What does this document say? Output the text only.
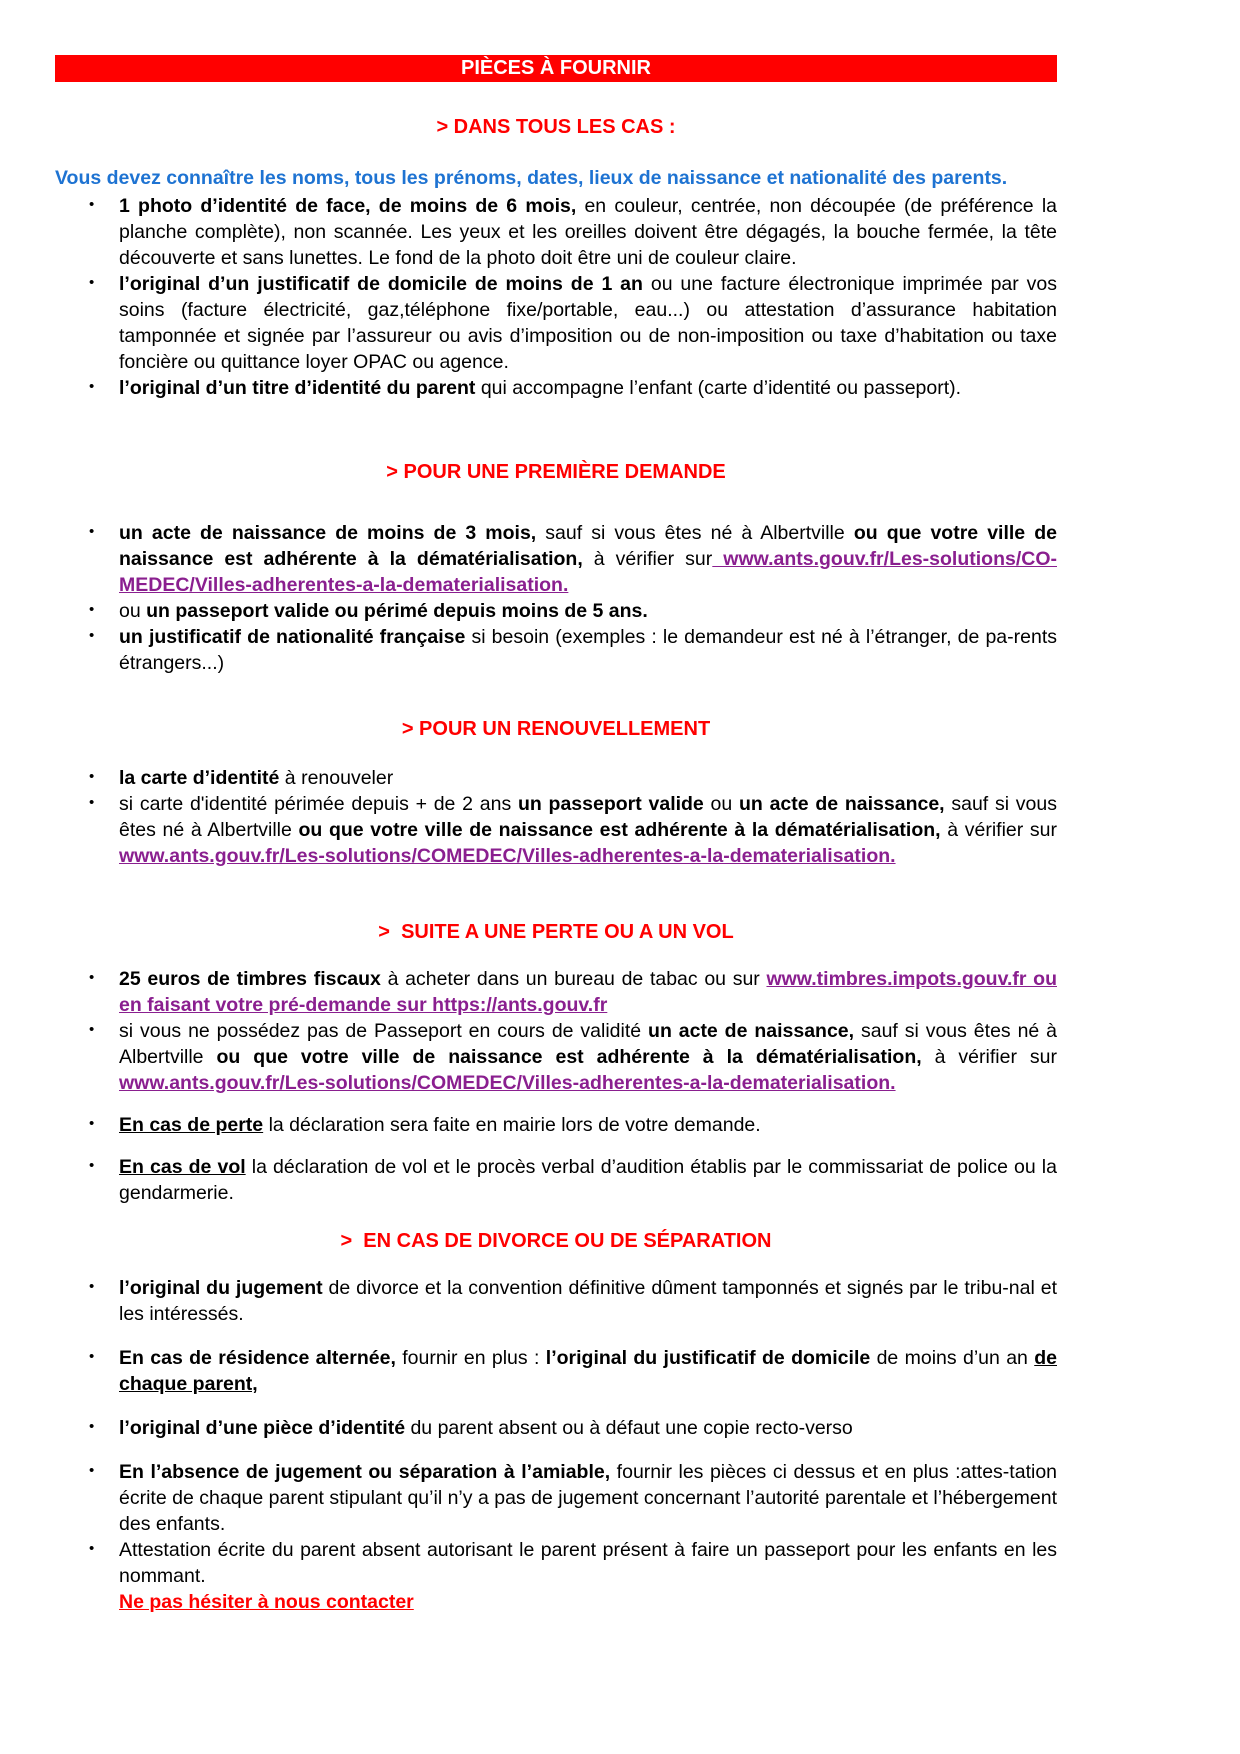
PIÈCES À FOURNIR
> DANS TOUS LES CAS :

Vous devez connaître les noms, tous les prénoms, dates, lieux de naissance et nationalité des parents.

• 1 photo d’identité de face, de moins de 6 mois, en couleur, centrée, non découpée (de préférence la planche complète), non scannée. Les yeux et les oreilles doivent être dégagés, la bouche fermée, la tête découverte et sans lunettes. Le fond de la photo doit être uni de couleur claire.
• l’original d’un justificatif de domicile de moins de 1 an ou une facture électronique imprimée par vos soins (facture électricité, gaz,téléphone fixe/portable, eau...) ou attestation d’assurance habitation tamponnée et signée par l’assureur ou avis d’imposition ou de non-imposition ou taxe d’habitation ou taxe foncière ou quittance loyer OPAC ou agence.
• l’original d’un titre d’identité du parent qui accompagne l’enfant (carte d’identité ou passeport).
> POUR UNE PREMIÈRE DEMANDE
• un acte de naissance de moins de 3 mois, sauf si vous êtes né à Albertville ou que votre ville de naissance est adhérente à la dématérialisation, à vérifier sur www.ants.gouv.fr/Les-solutions/CO-MEDEC/Villes-adherentes-a-la-dematerialisation.
• ou un passeport valide ou périmé depuis moins de 5 ans.
• un justificatif de nationalité française si besoin (exemples : le demandeur est né à l’étranger, de pa-rents étrangers...)
> POUR UN RENOUVELLEMENT
• la carte d’identité à renouveler
• si carte d'identité périmée depuis + de 2 ans un passeport valide ou un acte de naissance, sauf si vous êtes né à Albertville ou que votre ville de naissance est adhérente à la dématérialisation, à vérifier sur www.ants.gouv.fr/Les-solutions/COMEDEC/Villes-adherentes-a-la-dematerialisation.
>  SUITE A UNE PERTE OU A UN VOL
• 25 euros de timbres fiscaux à acheter dans un bureau de tabac ou sur www.timbres.impots.gouv.fr ou en faisant votre pré-demande sur https://ants.gouv.fr
• si vous ne possédez pas de Passeport en cours de validité un acte de naissance, sauf si vous êtes né à Albertville ou que votre ville de naissance est adhérente à la dématérialisation, à vérifier sur www.ants.gouv.fr/Les-solutions/COMEDEC/Villes-adherentes-a-la-dematerialisation.
• En cas de perte la déclaration sera faite en mairie lors de votre demande.
• En cas de vol la déclaration de vol et le procès verbal d’audition établis par le commissariat de police ou la gendarmerie.
>  EN CAS DE DIVORCE OU DE SÉPARATION
• l’original du jugement de divorce et la convention définitive dûment tamponnés et signés par le tribu-nal et les intéressés.
• En cas de résidence alternée, fournir en plus : l’original du justificatif de domicile de moins d’un an de chaque parent,
• l’original d’une pièce d’identité du parent absent ou à défaut une copie recto-verso
• En l’absence de jugement ou séparation à l’amiable, fournir les pièces ci dessus et en plus :attes-tation écrite de chaque parent stipulant qu’il n’y a pas de jugement concernant l’autorité parentale et l’hébergement des enfants.
• Attestation écrite du parent absent autorisant le parent présent à faire un passeport pour les enfants en les nommant.
Ne pas hésiter à nous contacter
